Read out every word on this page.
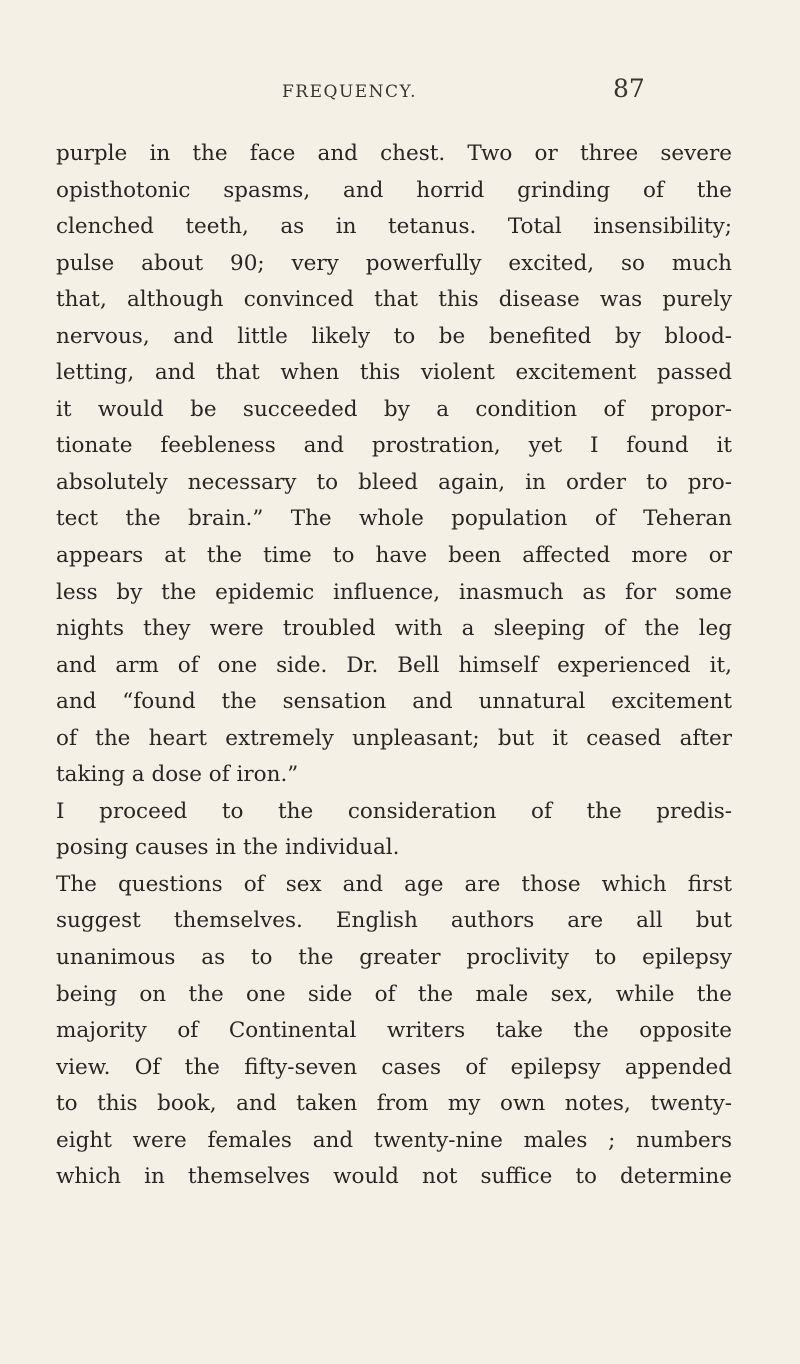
FREQUENCY.	87
purple in the face and chest. Two or three severe
opisthotonic spasms, and horrid grinding of the
clenched teeth, as in tetanus. Total insensibility;
pulse about 90; very powerfully excited, so much
that, although convinced that this disease was purely
nervous, and little likely to be benefited by blood-
letting, and that when this violent excitement passed
it would be succeeded by a condition of propor-
tionate feebleness and prostration, yet I found it
absolutely necessary to bleed again, in order to pro-
tect the brain.” The whole population of Teheran
appears at the time to have been affected more or
less by the epidemic influence, inasmuch as for some
nights they were troubled with a sleeping of the leg
and arm of one side. Dr. Bell himself experienced it,
and “found the sensation and unnatural excitement
of the heart extremely unpleasant; but it ceased after
taking a dose of iron.”
I proceed to the consideration of the predis-
posing causes in the individual.
The questions of sex and age are those which first
suggest themselves. English authors are all but
unanimous as to the greater proclivity to epilepsy
being on the one side of the male sex, while the
majority of Continental writers take the opposite
view. Of the fifty-seven cases of epilepsy appended
to this book, and taken from my own notes, twenty-
eight were females and twenty-nine males ; numbers
which in themselves would not suffice to determine
